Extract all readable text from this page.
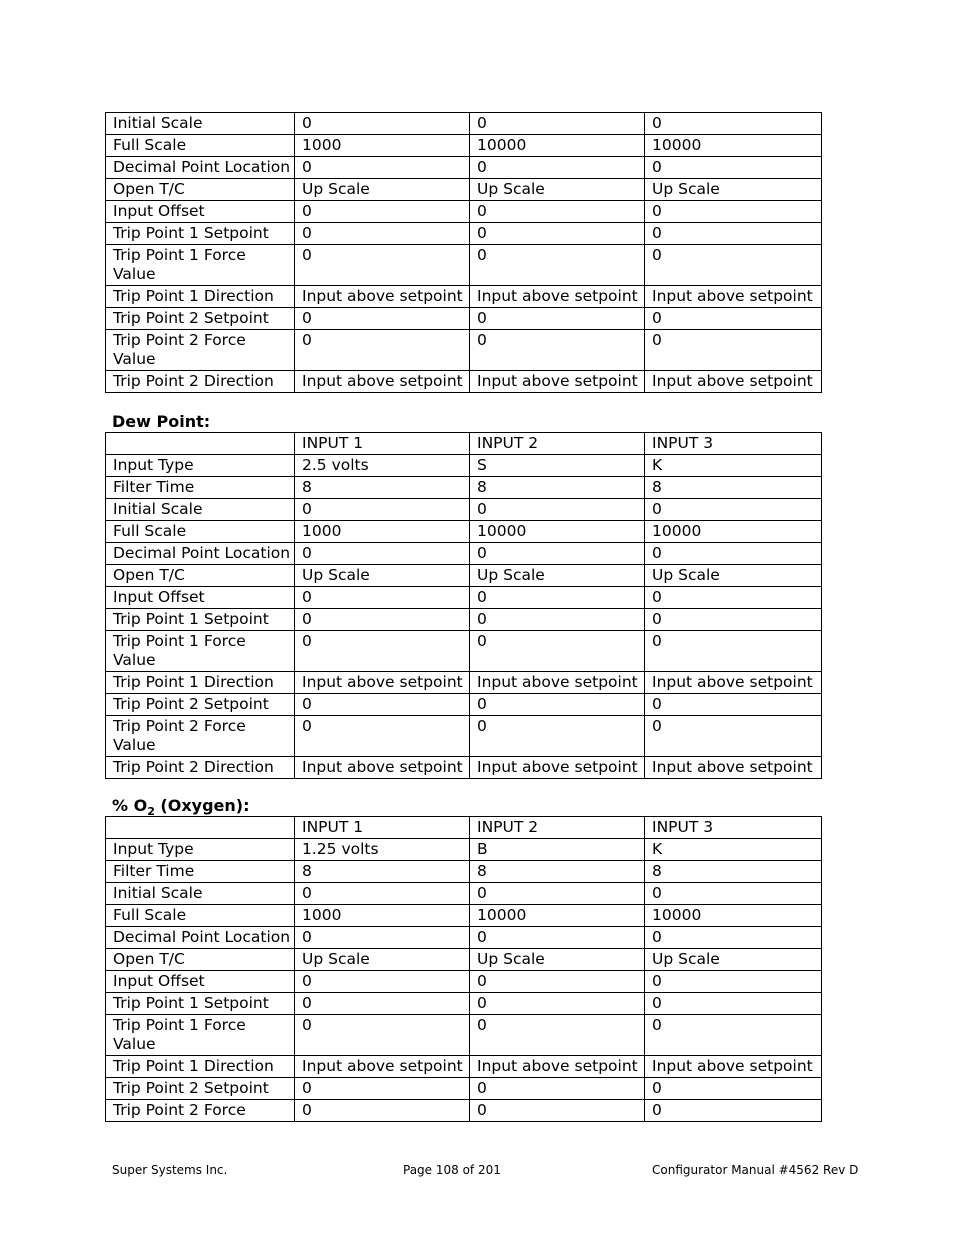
Initial Scale	0	0	0
Full Scale	1000	10000	10000
Decimal Point Location	0	0	0
Open T/C	Up Scale	Up Scale	Up Scale
Input Offset	0	0	0
Trip Point 1 Setpoint	0	0	0
Trip Point 1 Force Value	0	0	0
Trip Point 1 Direction	Input above setpoint	Input above setpoint	Input above setpoint
Trip Point 2 Setpoint	0	0	0
Trip Point 2 Force Value	0	0	0
Trip Point 2 Direction	Input above setpoint	Input above setpoint	Input above setpoint
Dew Point:
	INPUT 1	INPUT 2	INPUT 3
Input Type	2.5 volts	S	K
Filter Time	8	8	8
Initial Scale	0	0	0
Full Scale	1000	10000	10000
Decimal Point Location	0	0	0
Open T/C	Up Scale	Up Scale	Up Scale
Input Offset	0	0	0
Trip Point 1 Setpoint	0	0	0
Trip Point 1 Force Value	0	0	0
Trip Point 1 Direction	Input above setpoint	Input above setpoint	Input above setpoint
Trip Point 2 Setpoint	0	0	0
Trip Point 2 Force Value	0	0	0
Trip Point 2 Direction	Input above setpoint	Input above setpoint	Input above setpoint
% $O_2$ (Oxygen):
	INPUT 1	INPUT 2	INPUT 3
Input Type	1.25 volts	B	K
Filter Time	8	8	8
Initial Scale	0	0	0
Full Scale	1000	10000	10000
Decimal Point Location	0	0	0
Open T/C	Up Scale	Up Scale	Up Scale
Input Offset	0	0	0
Trip Point 1 Setpoint	0	0	0
Trip Point 1 Force Value	0	0	0
Trip Point 1 Direction	Input above setpoint	Input above setpoint	Input above setpoint
Trip Point 2 Setpoint	0	0	0
Trip Point 2 Force	0	0	0
Super Systems Inc.	Page 108 of 201	Configurator Manual #4562 Rev D
